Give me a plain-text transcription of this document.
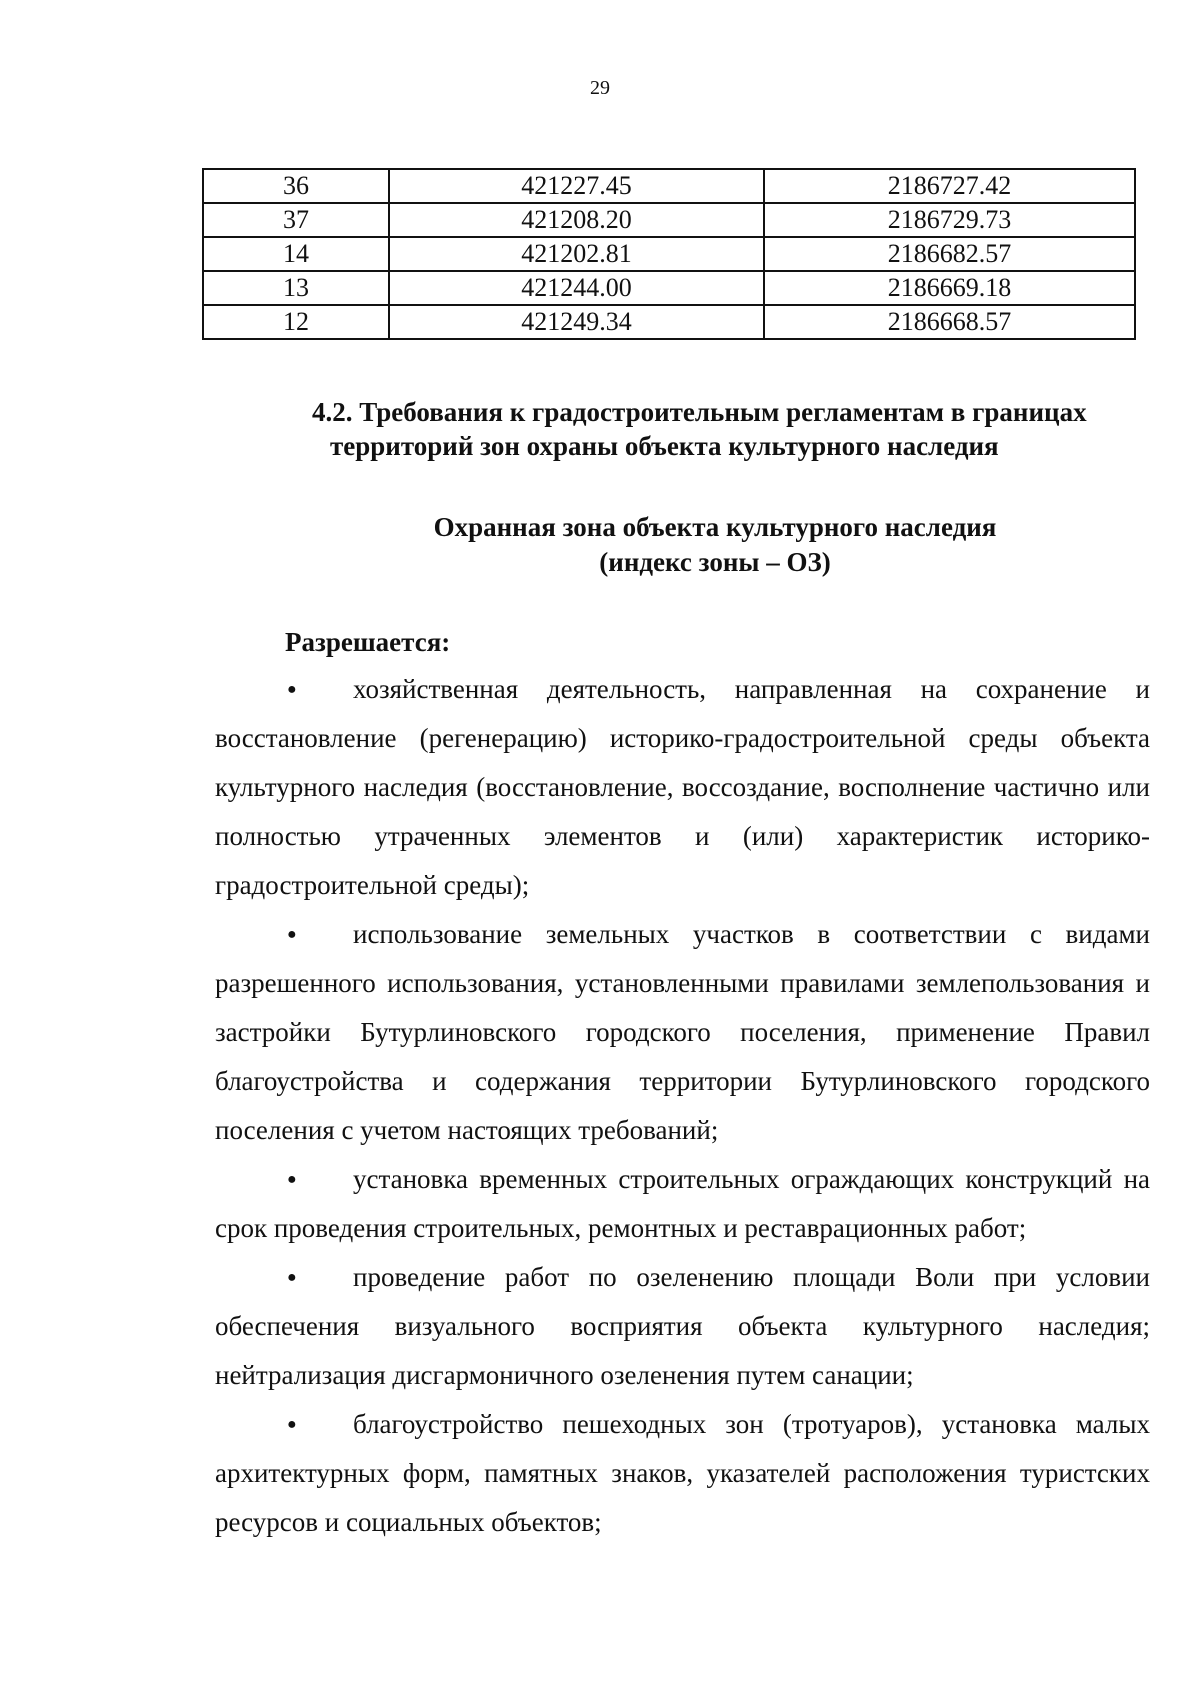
29
36	421227.45	2186727.42
37	421208.20	2186729.73
14	421202.81	2186682.57
13	421244.00	2186669.18
12	421249.34	2186668.57
4.2. Требования к градостроительным регламентам в границах
территорий зон охраны объекта культурного наследия
Охранная зона объекта культурного наследия
(индекс зоны – ОЗ)

Разрешается:

● хозяйственная деятельность, направленная на сохранение и восстановление (регенерацию) историко-градостроительной среды объекта культурного наследия (восстановление, воссоздание, восполнение частично или полностью утраченных элементов и (или) характеристик историко-градостроительной среды);

● использование земельных участков в соответствии с видами разрешенного использования, установленными правилами землепользования и застройки Бутурлиновского городского поселения, применение Правил благоустройства и содержания территории Бутурлиновского городского поселения с учетом настоящих требований;

● установка временных строительных ограждающих конструкций на срок проведения строительных, ремонтных и реставрационных работ;

● проведение работ по озеленению площади Воли при условии обеспечения визуального восприятия объекта культурного наследия; нейтрализация дисгармоничного озеленения путем санации;

● благоустройство пешеходных зон (тротуаров), установка малых архитектурных форм, памятных знаков, указателей расположения туристских ресурсов и социальных объектов;
